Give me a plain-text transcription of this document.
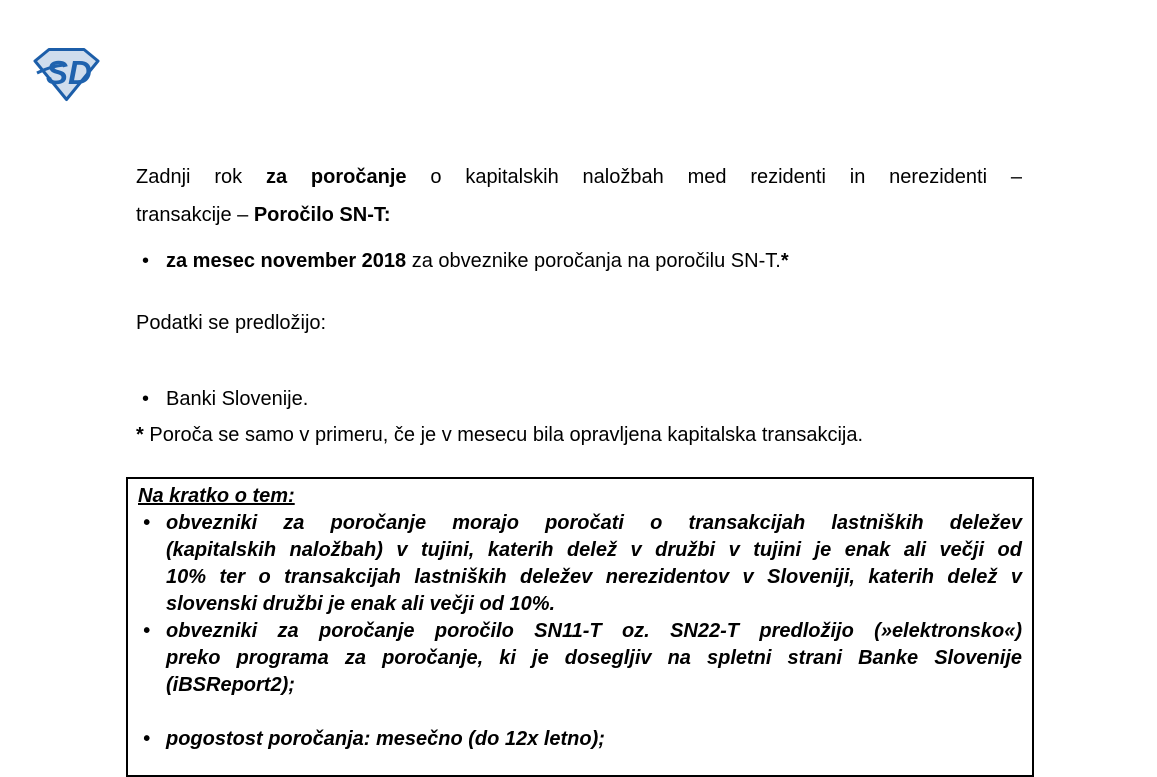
SD
Zadnji rok za poročanje o kapitalskih naložbah med rezidenti in nerezidenti –
transakcije – Poročilo SN-T:
• za mesec november 2018 za obveznike poročanja na poročilu SN-T.*
Podatki se predložijo:
• Banki Slovenije.
* Poroča se samo v primeru, če je v mesecu bila opravljena kapitalska transakcija.
Na kratko o tem:
• obvezniki za poročanje morajo poročati o transakcijah lastniških deležev
(kapitalskih naložbah) v tujini, katerih delež v družbi v tujini je enak ali večji od
10% ter o transakcijah lastniških deležev nerezidentov v Sloveniji, katerih delež v
slovenski družbi je enak ali večji od 10%.
• obvezniki za poročanje poročilo SN11-T oz. SN22-T predložijo (»elektronsko«)
preko programa za poročanje, ki je dosegljiv na spletni strani Banke Slovenije
(iBSReport2);
• pogostost poročanja: mesečno (do 12x letno);
